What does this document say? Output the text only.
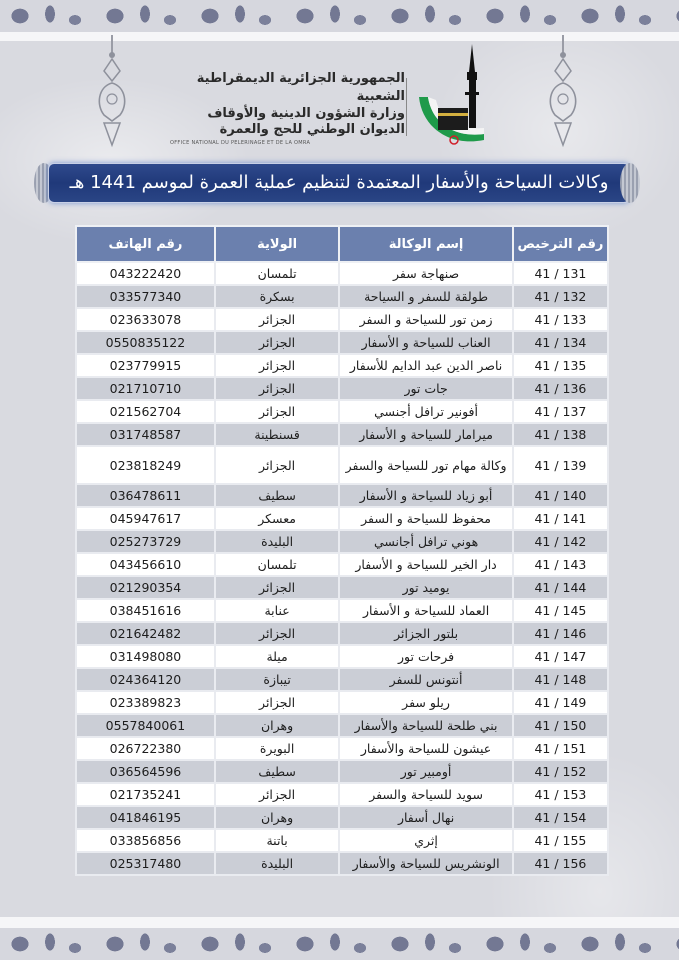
الجمهورية الجزائرية الديمقراطية الشعبية
وزارة الشؤون الدينية والأوقاف
الديوان الوطني للحج والعمرة
OFFICE NATIONAL DU PELERINAGE ET DE LA OMRA
وكالات السياحة والأسفار المعتمدة لتنظيم عملية العمرة لموسم 1441 هـ
رقم الترخيص	إسم الوكالة	الولاية	رقم الهاتف
41 / 131	صنهاجة سفر	تلمسان	043222420
41 / 132	طولقة للسفر و السياحة	بسكرة	033577340
41 / 133	زمن تور للسياحة و السفر	الجزائر	023633078
41 / 134	العناب للسياحة و الأسفار	الجزائر	0550835122
41 / 135	ناصر الدين عبد الدايم للأسفار	الجزائر	023779915
41 / 136	جات تور	الجزائر	021710710
41 / 137	أفونير ترافل أجنسي	الجزائر	021562704
41 / 138	ميرامار للسياحة و الأسفار	قسنطينة	031748587
41 / 139	وكالة مهام تور للسياحة والسفر	الجزائر	023818249
41 / 140	أبو زياد للسياحة و الأسفار	سطيف	036478611
41 / 141	محفوظ للسياحة و السفر	معسكر	045947617
41 / 142	هوني ترافل أجانسي	البليدة	025273729
41 / 143	دار الخير للسياحة و الأسفار	تلمسان	043456610
41 / 144	يوميد تور	الجزائر	021290354
41 / 145	العماد للسياحة و الأسفار	عنابة	038451616
41 / 146	بلتور الجزائر	الجزائر	021642482
41 / 147	فرحات تور	ميلة	031498080
41 / 148	أنتونس للسفر	تيبازة	024364120
41 / 149	ريلو سفر	الجزائر	023389823
41 / 150	بني طلحة للسياحة والأسفار	وهران	0557840061
41 / 151	عيشون للسياحة والأسفار	البويرة	026722380
41 / 152	أومبير تور	سطيف	036564596
41 / 153	سويد للسياحة والسفر	الجزائر	021735241
41 / 154	نهال أسفار	وهران	041846195
41 / 155	إثري	باتنة	033856856
41 / 156	الونشريس للسياحة والأسفار	البليدة	025317480
